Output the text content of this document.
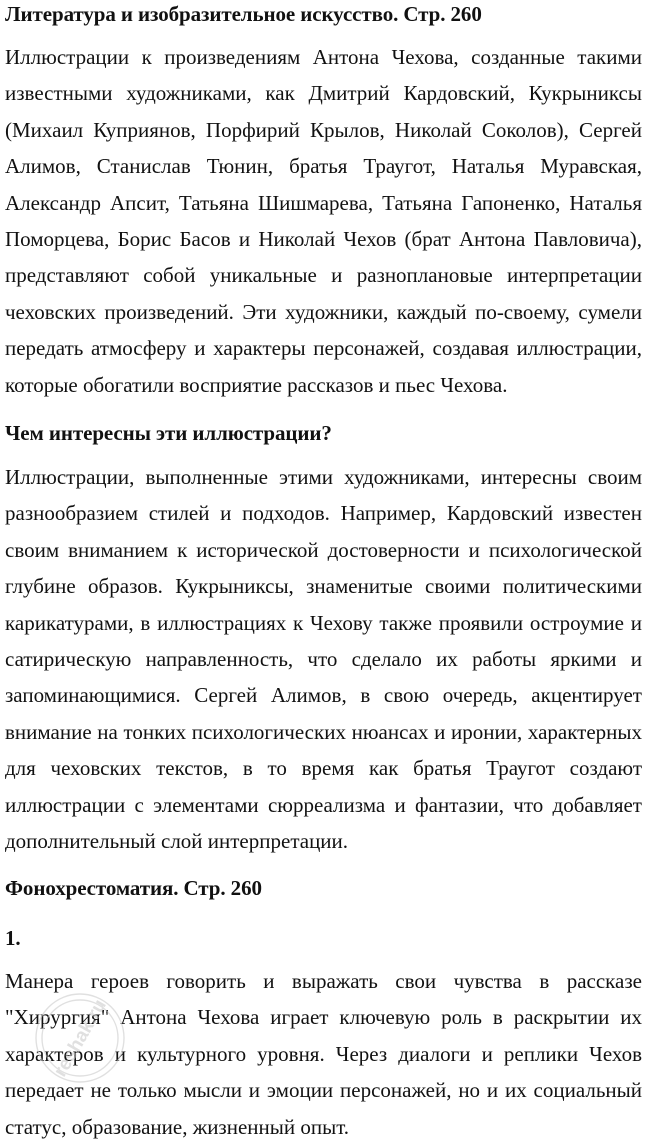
Литература и изобразительное искусство. Стр. 260

Иллюстрации к произведениям Антона Чехова, созданные такими известными художниками, как Дмитрий Кардовский, Кукрыниксы (Михаил Куприянов, Порфирий Крылов, Николай Соколов), Сергей Алимов, Станислав Тюнин, братья Траугот, Наталья Муравская, Александр Апсит, Татьяна Шишмарева, Татьяна Гапоненко, Наталья Поморцева, Борис Басов и Николай Чехов (брат Антона Павловича), представляют собой уникальные и разноплановые интерпретации чеховских произведений. Эти художники, каждый по-своему, сумели передать атмосферу и характеры персонажей, создавая иллюстрации, которые обогатили восприятие рассказов и пьес Чехова.

Чем интересны эти иллюстрации?

Иллюстрации, выполненные этими художниками, интересны своим разнообразием стилей и подходов. Например, Кардовский известен своим вниманием к исторической достоверности и психологической глубине образов. Кукрыниксы, знаменитые своими политическими карикатурами, в иллюстрациях к Чехову также проявили остроумие и сатирическую направленность, что сделало их работы яркими и запоминающимися. Сергей Алимов, в свою очередь, акцентирует внимание на тонких психологических нюансах и иронии, характерных для чеховских текстов, в то время как братья Траугот создают иллюстрации с элементами сюрреализма и фантазии, что добавляет дополнительный слой интерпретации.

Фонохрестоматия. Стр. 260
1.

Манера героев говорить и выражать свои чувства в рассказе "Хирургия" Антона Чехова играет ключевую роль в раскрытии их характеров и культурного уровня. Через диалоги и реплики Чехов передает не только мысли и эмоции персонажей, но и их социальный статус, образование, жизненный опыт.

reshak.ru
